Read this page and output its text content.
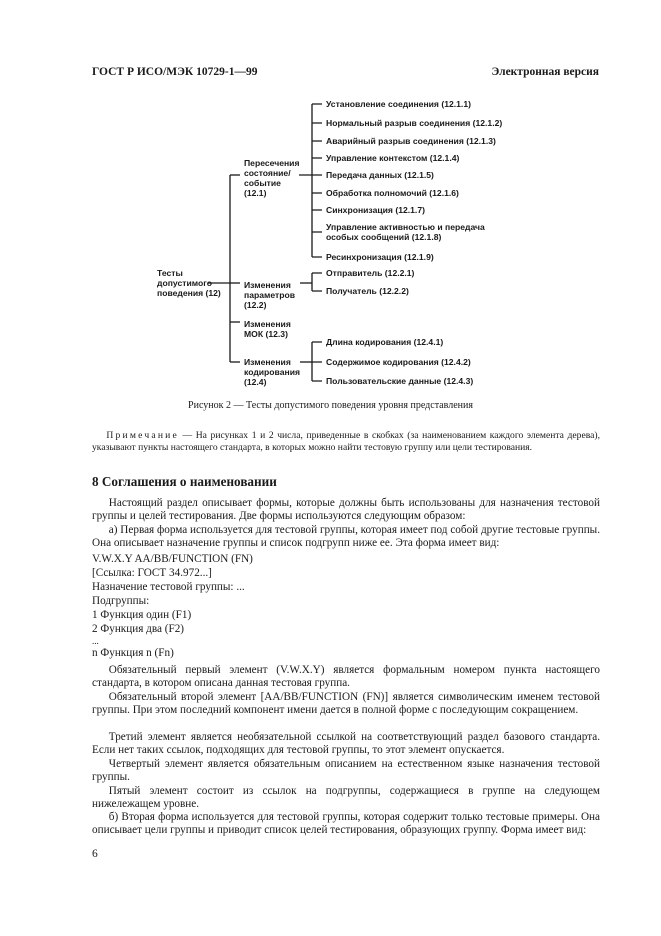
ГОСТ Р ИСО/МЭК 10729-1—99	Электронная версия
Тесты
допустимого
поведения (12)
Пересечения
состояние/
событие
(12.1)
Изменения
параметров
(12.2)
Изменения
МОК (12.3)
Изменения
кодирования
(12.4)
Установление соединения (12.1.1)
Нормальный разрыв соединения (12.1.2)
Аварийный разрыв соединения (12.1.3)
Управление контекстом (12.1.4)
Передача данных (12.1.5)
Обработка полномочий (12.1.6)
Синхронизация (12.1.7)
Управление активностью и передача
особых сообщений (12.1.8)
Ресинхронизация (12.1.9)
Отправитель (12.2.1)
Получатель (12.2.2)
Длина кодирования (12.4.1)
Содержимое кодирования (12.4.2)
Пользовательские данные (12.4.3)
Рисунок 2 — Тесты допустимого поведения уровня представления
Примечание — На рисунках 1 и 2 числа, приведенные в скобках (за наименованием каждого элемента дерева), указывают пункты настоящего стандарта, в которых можно найти тестовую группу или цели тестирования.
8 Соглашения о наименовании
Настоящий раздел описывает формы, которые должны быть использованы для назначения тестовой группы и целей тестирования. Две формы используются следующим образом:
а) Первая форма используется для тестовой группы, которая имеет под собой другие тестовые группы. Она описывает назначение группы и список подгрупп ниже ее. Эта форма имеет вид:
V.W.X.Y AA/BB/FUNCTION (FN)
[Ссылка: ГОСТ 34.972...]
Назначение тестовой группы: ...
Подгруппы:
1 Функция один (F1)
2 Функция два (F2)
...
n Функция n (Fn)
Обязательный первый элемент (V.W.X.Y) является формальным номером пункта настоящего стандарта, в котором описана данная тестовая группа.
Обязательный второй элемент [AA/BB/FUNCTION (FN)] является символическим именем тестовой группы. При этом последний компонент имени дается в полной форме с последующим сокращением.
Третий элемент является необязательной ссылкой на соответствующий раздел базового стандарта. Если нет таких ссылок, подходящих для тестовой группы, то этот элемент опускается.
Четвертый элемент является обязательным описанием на естественном языке назначения тестовой группы.
Пятый элемент состоит из ссылок на подгруппы, содержащиеся в группе на следующем нижележащем уровне.
б) Вторая форма используется для тестовой группы, которая содержит только тестовые примеры. Она описывает цели группы и приводит список целей тестирования, образующих группу. Форма имеет вид:
6
